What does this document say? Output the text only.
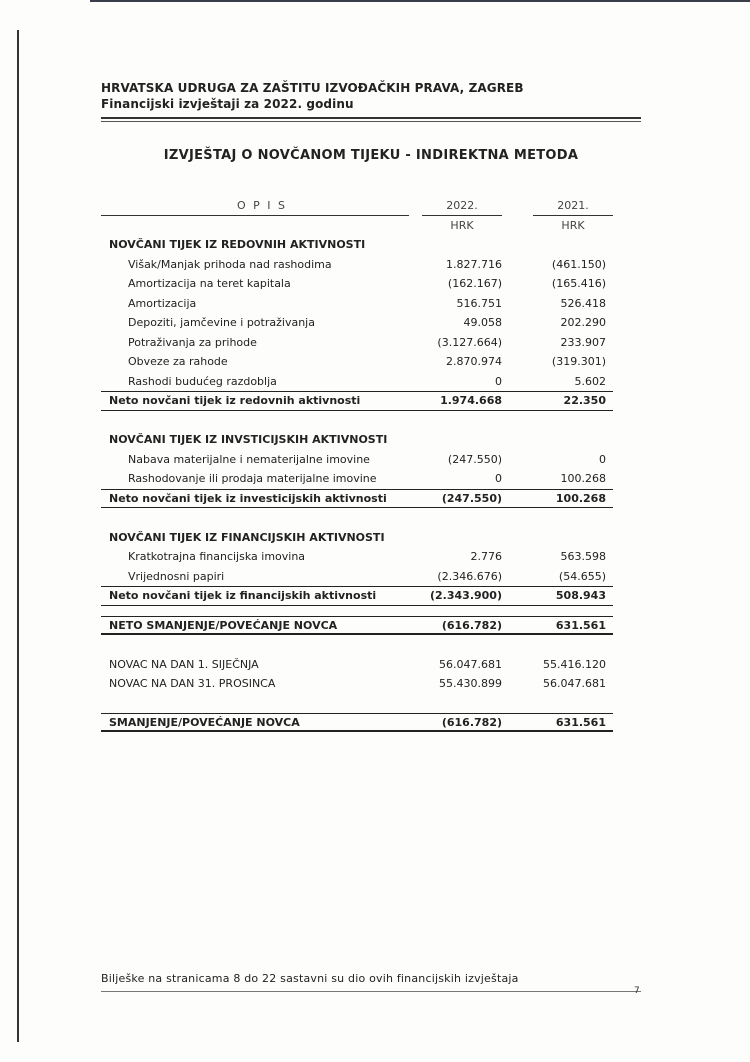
HRVATSKA UDRUGA ZA ZAŠTITU IZVOĐAČKIH PRAVA, ZAGREB
Financijski izvještaji za 2022. godinu
IZVJEŠTAJ O NOVČANOM TIJEKU - INDIREKTNA METODA
O P I S	2022.	2021.
HRK	HRK
NOVČANI TIJEK IZ REDOVNIH AKTIVNOSTI
Višak/Manjak prihoda nad rashodima	1.827.716	(461.150)
Amortizacija na teret kapitala	(162.167)	(165.416)
Amortizacija	516.751	526.418
Depoziti, jamčevine i potraživanja	49.058	202.290
Potraživanja za prihode	(3.127.664)	233.907
Obveze za rahode	2.870.974	(319.301)
Rashodi budućeg razdoblja	0	5.602
Neto novčani tijek iz redovnih aktivnosti	1.974.668	22.350
NOVČANI TIJEK IZ INVSTICIJSKIH AKTIVNOSTI
Nabava materijalne i nematerijalne imovine	(247.550)	0
Rashodovanje ili prodaja materijalne imovine	0	100.268
Neto novčani tijek iz investicijskih aktivnosti	(247.550)	100.268
NOVČANI TIJEK IZ FINANCIJSKIH AKTIVNOSTI
Kratkotrajna financijska imovina	2.776	563.598
Vrijednosni papiri	(2.346.676)	(54.655)
Neto novčani tijek iz financijskih aktivnosti	(2.343.900)	508.943
NETO SMANJENJE/POVEĆANJE NOVCA	(616.782)	631.561
NOVAC NA DAN 1. SIJEČNJA	56.047.681	55.416.120
NOVAC NA DAN 31. PROSINCA	55.430.899	56.047.681
SMANJENJE/POVEĆANJE NOVCA	(616.782)	631.561
Bilješke na stranicama 8 do 22 sastavni su dio ovih financijskih izvještaja
7
